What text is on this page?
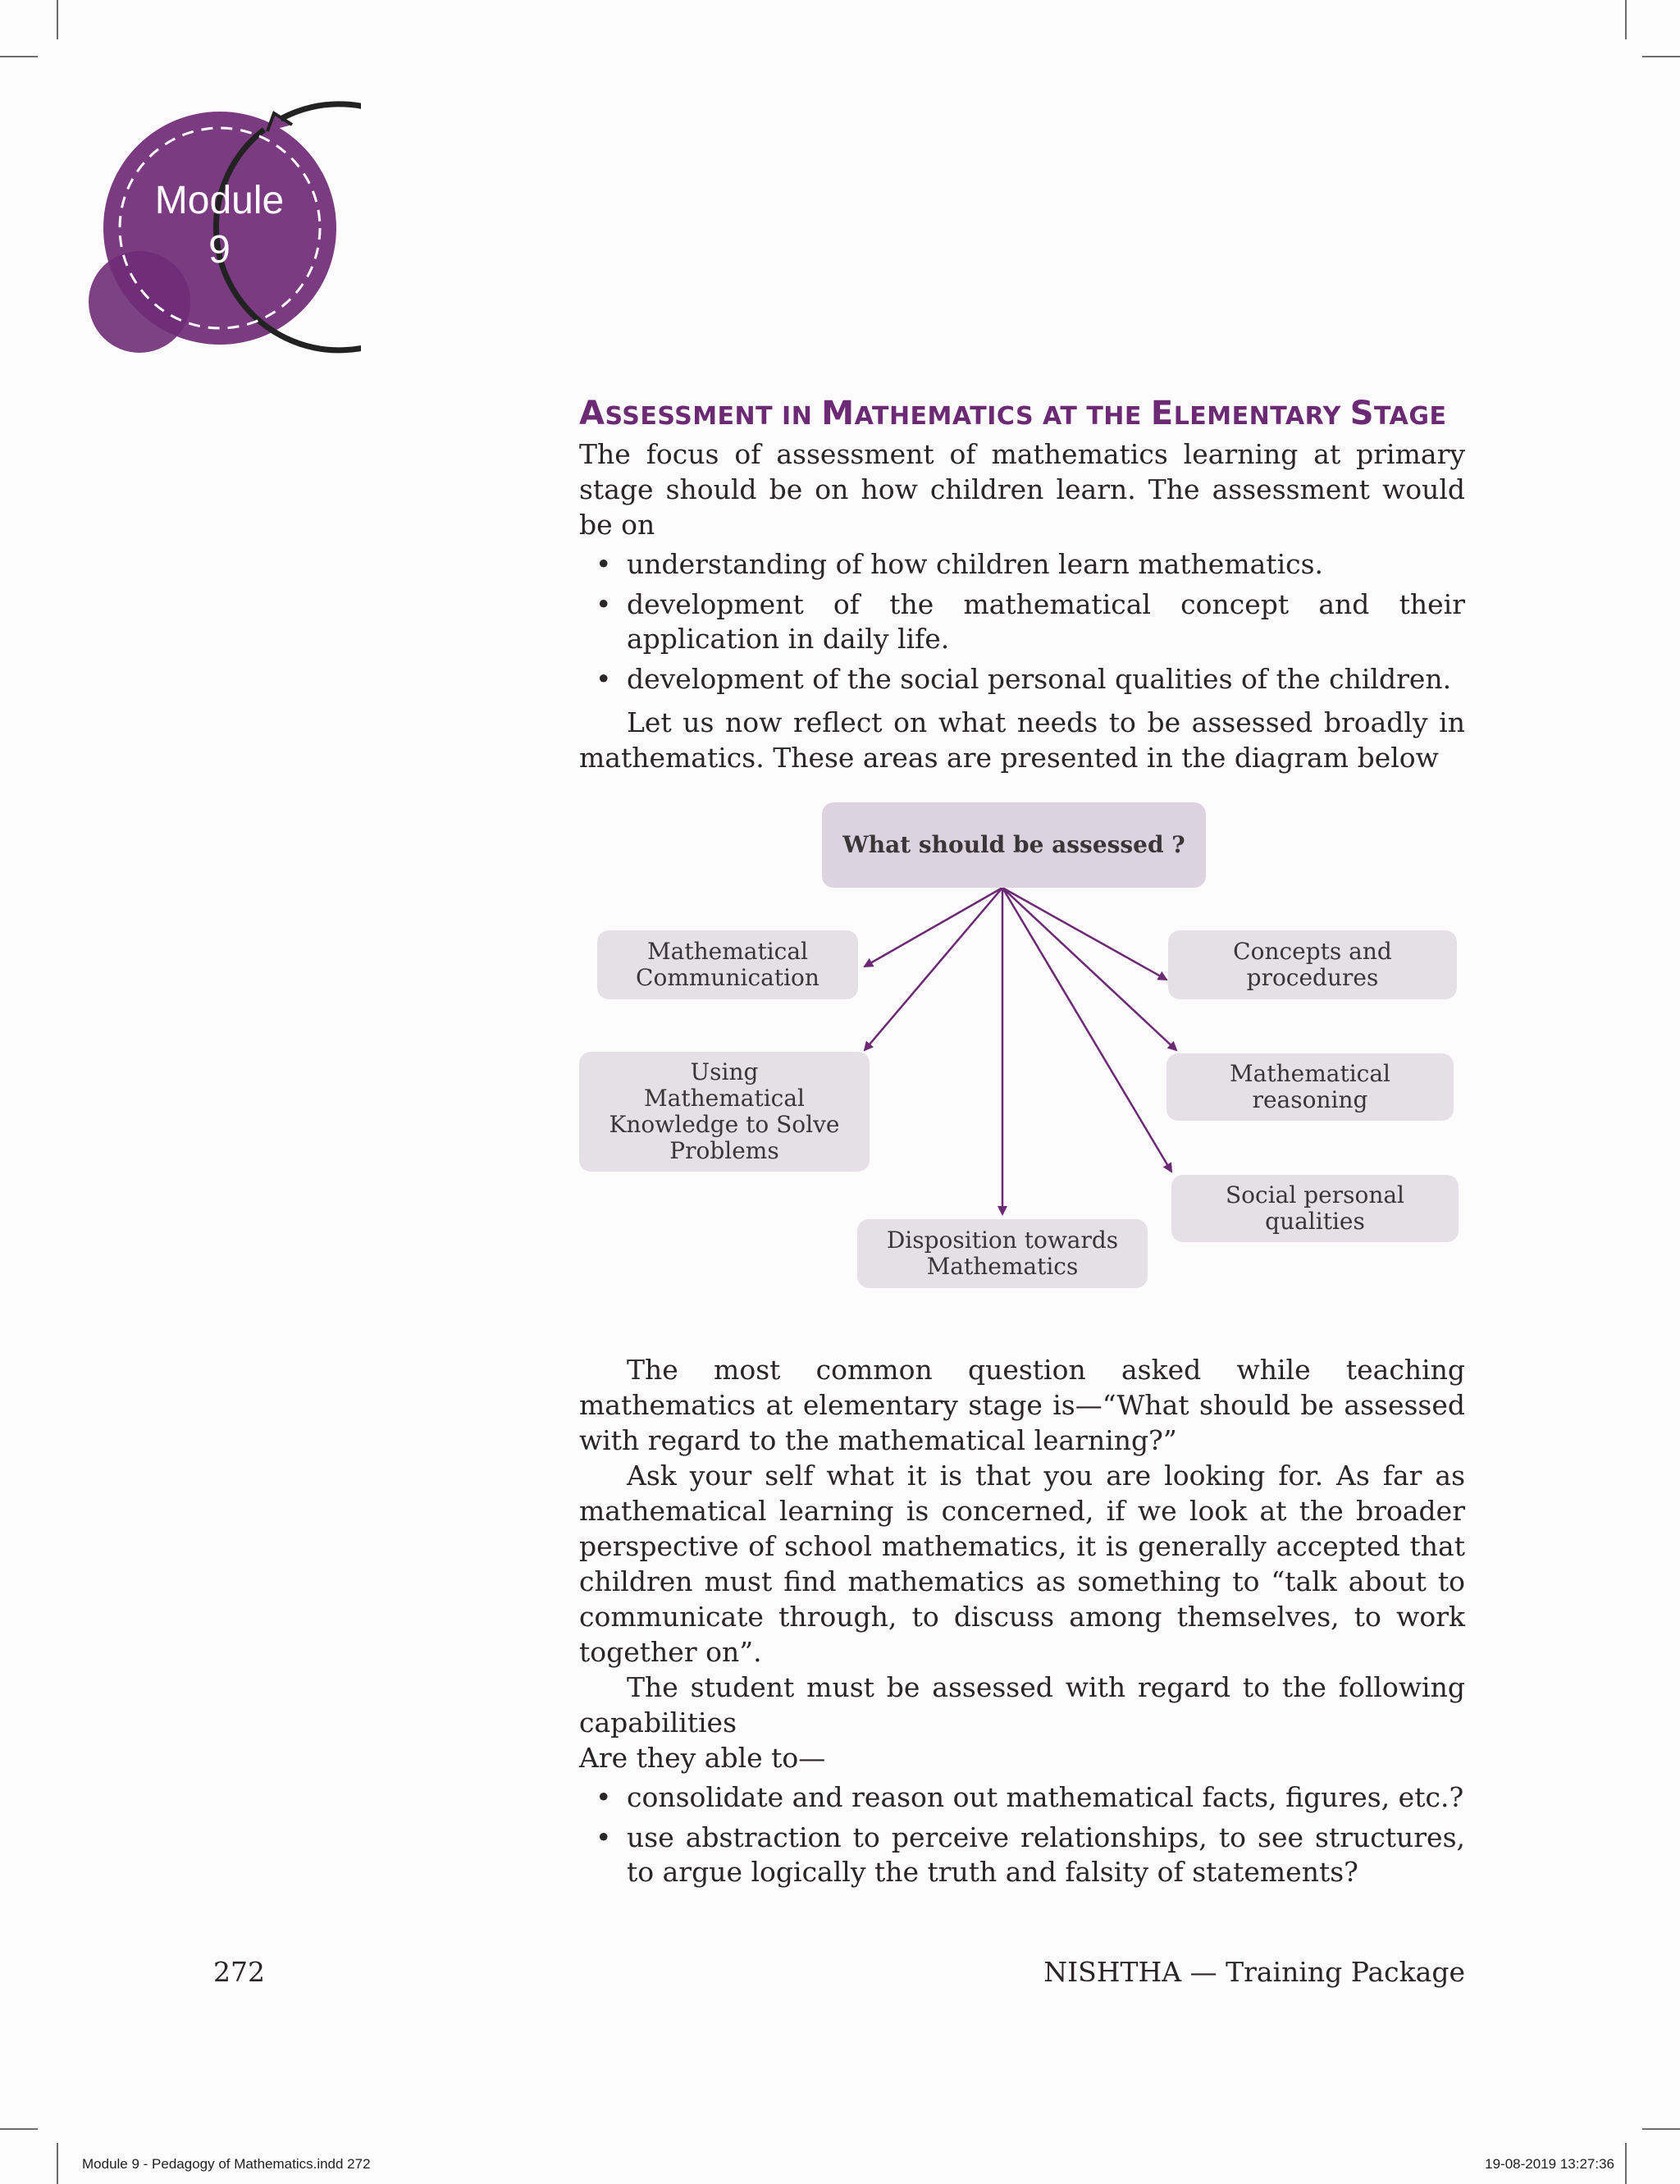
Module
9
ASSESSMENT IN MATHEMATICS AT THE ELEMENTARY STAGE

The focus of assessment of mathematics learning at primary stage should be on how children learn. The assessment would be on

• understanding of how children learn mathematics.
• development of the mathematical concept and their application in daily life.
• development of the social personal qualities of the children.

Let us now reflect on what needs to be assessed broadly in mathematics. These areas are presented in the diagram below

What should be assessed ?
Mathematical Communication
Using Mathematical Knowledge to Solve Problems
Disposition towards Mathematics
Concepts and procedures
Mathematical reasoning
Social personal qualities

The most common question asked while teaching mathematics at elementary stage is—“What should be assessed with regard to the mathematical learning?”

Ask your self what it is that you are looking for. As far as mathematical learning is concerned, if we look at the broader perspective of school mathematics, it is generally accepted that children must find mathematics as something to “talk about to communicate through, to discuss among themselves, to work together on”.

The student must be assessed with regard to the following capabilities

Are they able to—

• consolidate and reason out mathematical facts, figures, etc.?
• use abstraction to perceive relationships, to see structures, to argue logically the truth and falsity of statements?
272	NISHTHA — Training Package
Module 9 - Pedagogy of Mathematics.indd 272	19-08-2019 13:27:36
